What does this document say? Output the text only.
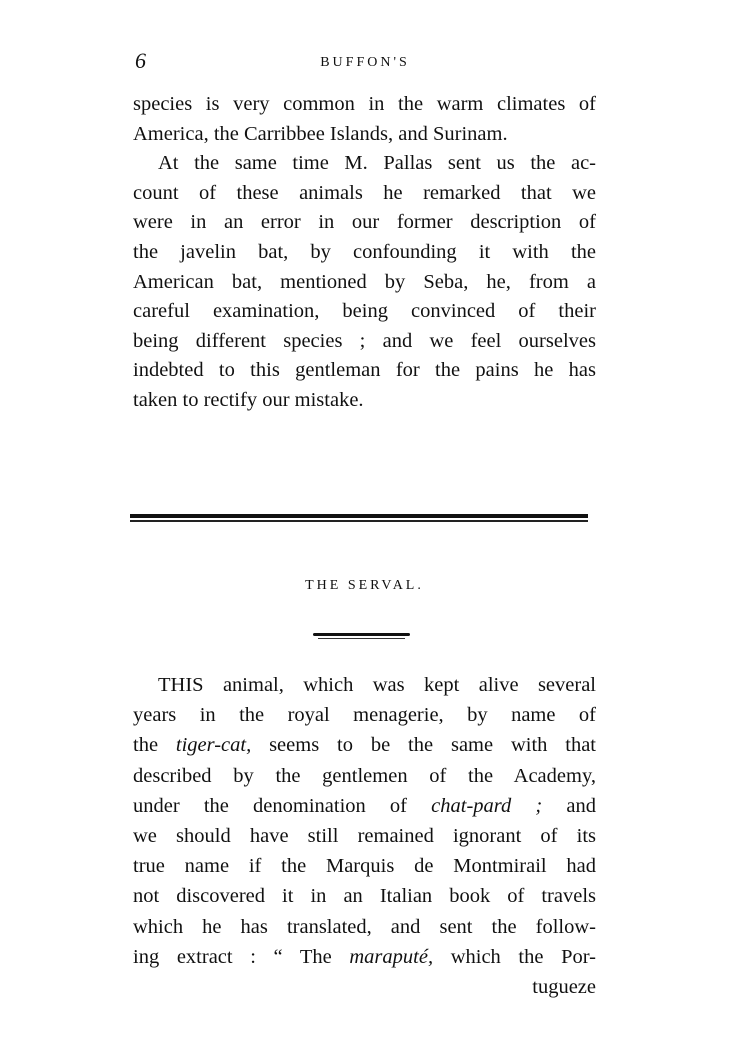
6	BUFFON'S
species is very common in the warm climates of
America, the Carribbee Islands, and Surinam.
At the same time M. Pallas sent us the ac-
count of these animals he remarked that we
were in an error in our former description of
the javelin bat, by confounding it with the
American bat, mentioned by Seba, he, from a
careful examination, being convinced of their
being different species ; and we feel ourselves
indebted to this gentleman for the pains he has
taken to rectify our mistake.
THE SERVAL.
THIS animal, which was kept alive several
years in the royal menagerie, by name of
the tiger-cat, seems to be the same with that
described by the gentlemen of the Academy,
under the denomination of chat-pard ; and
we should have still remained ignorant of its
true name if the Marquis de Montmirail had
not discovered it in an Italian book of travels
which he has translated, and sent the follow-
ing extract : “ The maraputé, which the Por-
tugueze
